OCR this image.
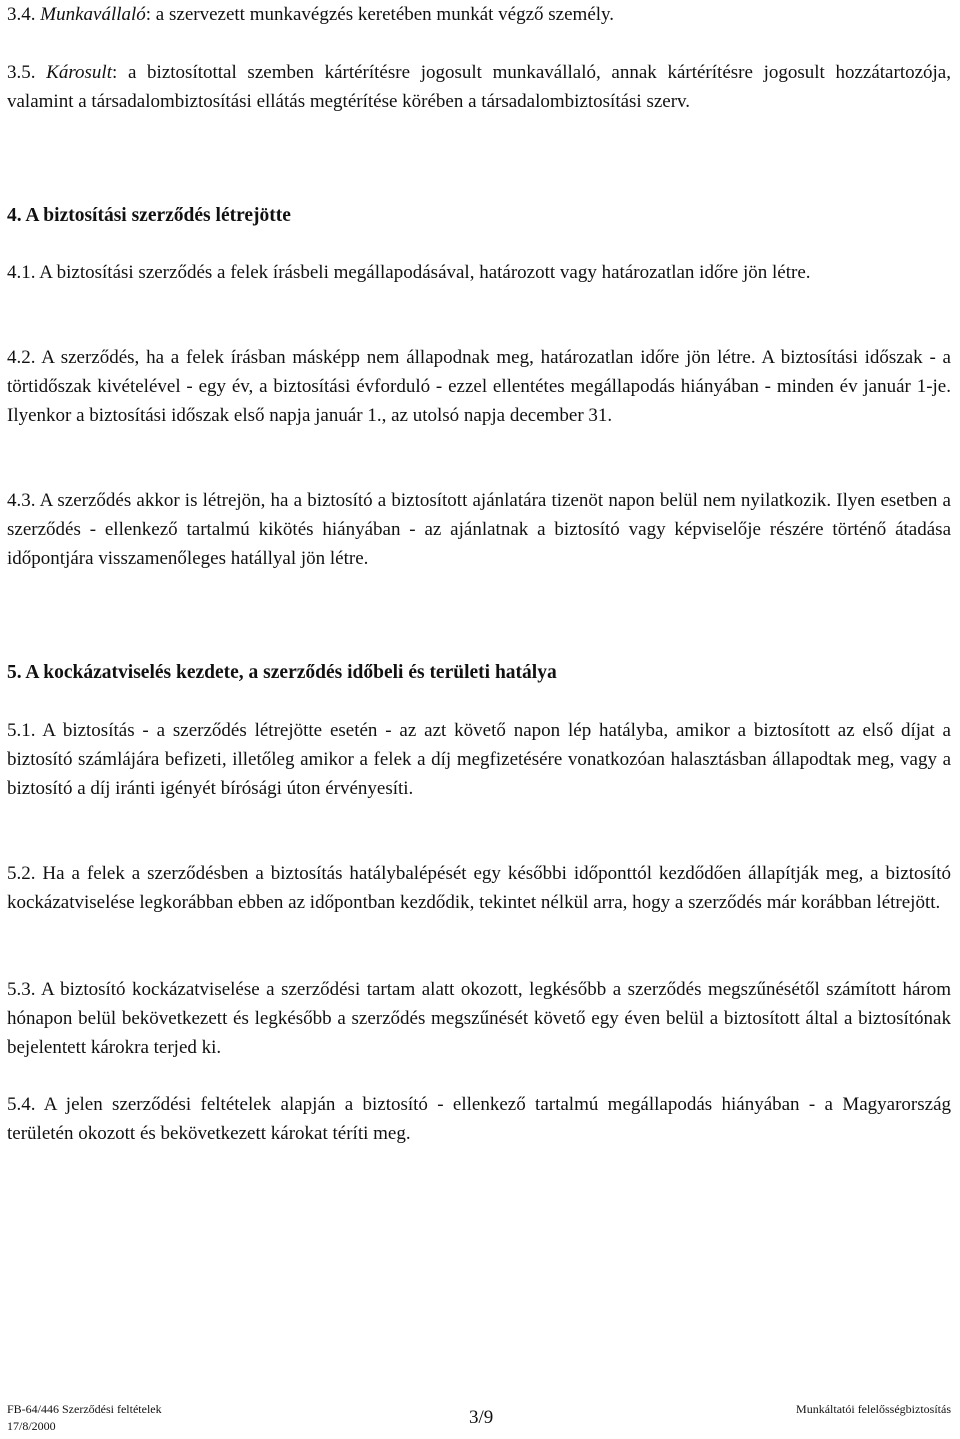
3.4. Munkavállaló: a szervezett munkavégzés keretében munkát végző személy.

3.5. Károsult: a biztosítottal szemben kártérítésre jogosult munkavállaló, annak kártérítésre jogosult hozzátartozója, valamint a társadalombiztosítási ellátás megtérítése körében a társadalombiztosítási szerv.

4. A biztosítási szerződés létrejötte

4.1. A biztosítási szerződés a felek írásbeli megállapodásával, határozott vagy határozatlan időre jön létre.

4.2. A szerződés, ha a felek írásban másképp nem állapodnak meg, határozatlan időre jön létre. A biztosítási időszak - a törtidőszak kivételével - egy év, a biztosítási évforduló - ezzel ellentétes megállapodás hiányában - minden év január 1-je. Ilyenkor a biztosítási időszak első napja január 1., az utolsó napja december 31.

4.3. A szerződés akkor is létrejön, ha a biztosító a biztosított ajánlatára tizenöt napon belül nem nyilatkozik. Ilyen esetben a szerződés - ellenkező tartalmú kikötés hiányában - az ajánlatnak a biztosító vagy képviselője részére történő átadása időpontjára visszamenőleges hatállyal jön létre.

5. A kockázatviselés kezdete, a szerződés időbeli és területi hatálya

5.1. A biztosítás - a szerződés létrejötte esetén - az azt követő napon lép hatályba, amikor a biztosított az első díjat a biztosító számlájára befizeti, illetőleg amikor a felek a díj megfizetésére vonatkozóan halasztásban állapodtak meg, vagy a biztosító a díj iránti igényét bírósági úton érvényesíti.

5.2. Ha a felek a szerződésben a biztosítás hatálybalépését egy későbbi időponttól kezdődően állapítják meg, a biztosító kockázatviselése legkorábban ebben az időpontban kezdődik, tekintet nélkül arra, hogy a szerződés már korábban létrejött.

5.3. A biztosító kockázatviselése a szerződési tartam alatt okozott, legkésőbb a szerződés megszűnésétől számított három hónapon belül bekövetkezett és legkésőbb a szerződés megszűnését követő egy éven belül a biztosított által a biztosítónak bejelentett károkra terjed ki.

5.4. A jelen szerződési feltételek alapján a biztosító - ellenkező tartalmú megállapodás hiányában - a Magyarország területén okozott és bekövetkezett károkat téríti meg.

FB-64/446 Szerződési feltételek
17/8/2000	3/9	Munkáltatói felelősségbiztosítás
